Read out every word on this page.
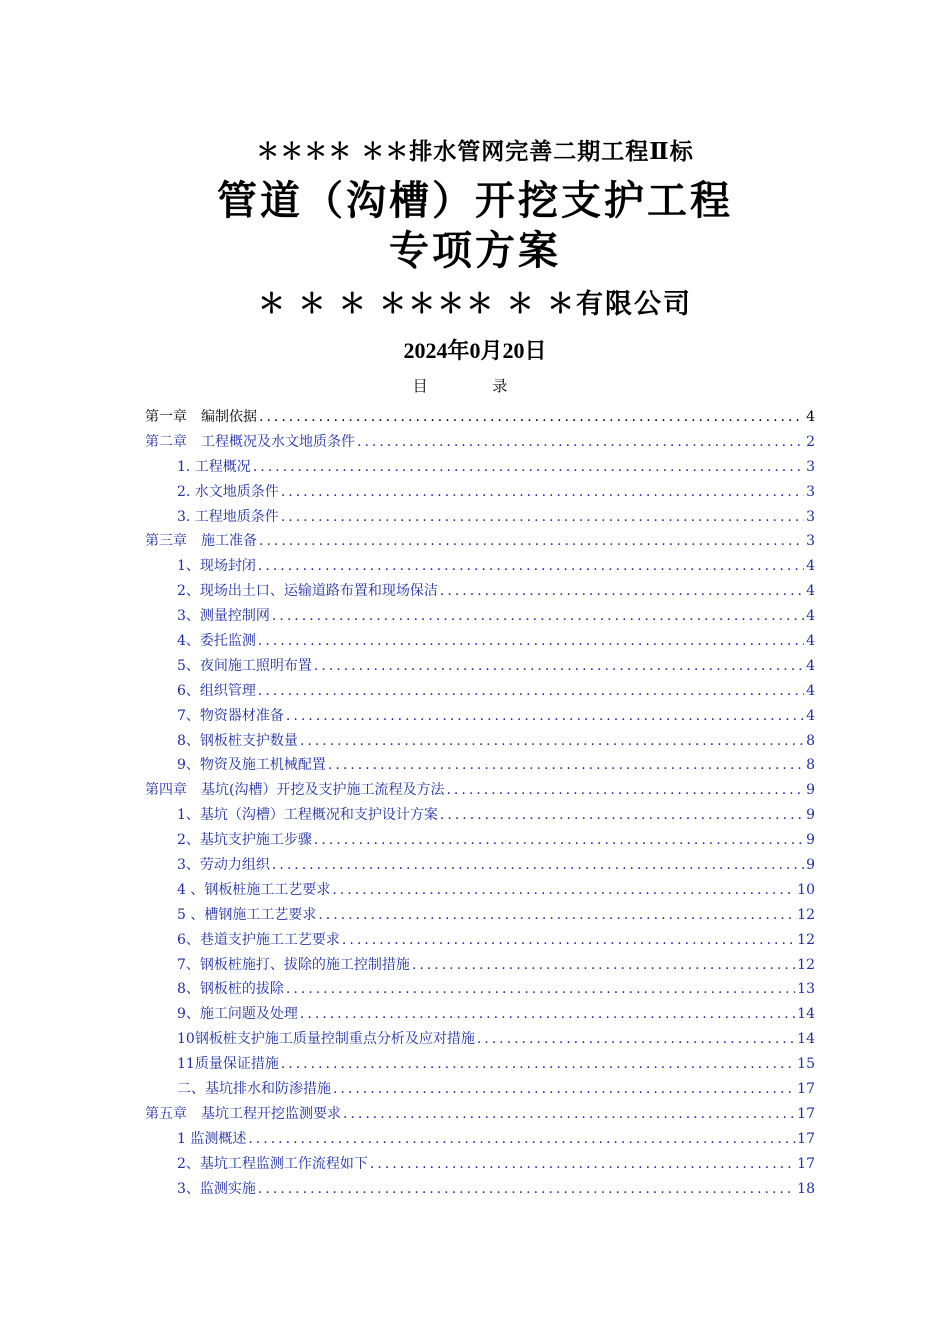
＊＊＊＊ ＊＊排水管网完善二期工程Ⅱ标
管道（沟槽）开挖支护工程
专项方案
＊ ＊ ＊ ＊＊＊＊ ＊ ＊有限公司
2024年0月20日
目 录
第一章　编制依据 .....	4
第二章　工程概况及水文地质条件 .....	2
1. 工程概况 .....	3
2. 水文地质条件 .....	3
3. 工程地质条件 .....	3
第三章　施工准备 .....	3
1、现场封闭 .....	4
2、现场出土口、运输道路布置和现场保洁 .....	4
3、测量控制网 .....	4
4、委托监测 .....	4
5、夜间施工照明布置 .....	4
6、组织管理 .....	4
7、物资器材准备 .....	4
8、钢板桩支护数量 .....	8
9、物资及施工机械配置 .....	8
第四章　基坑(沟槽）开挖及支护施工流程及方法 .....	9
1、基坑（沟槽）工程概况和支护设计方案 .....	9
2、基坑支护施工步骤 .....	9
3、劳动力组织 .....	9
4 、钢板桩施工工艺要求 .....	10
5 、槽钢施工工艺要求 .....	12
6、巷道支护施工工艺要求 .....	12
7、钢板桩施打、拔除的施工控制措施 .....	12
8、钢板桩的拔除 .....	13
9、施工问题及处理 .....	14
10钢板桩支护施工质量控制重点分析及应对措施 .....	14
11质量保证措施 .....	15
二、基坑排水和防渗措施 .....	17
第五章　基坑工程开挖监测要求 .....	17
1 监测概述 .....	17
2、基坑工程监测工作流程如下 .....	17
3、监测实施 .....	18
